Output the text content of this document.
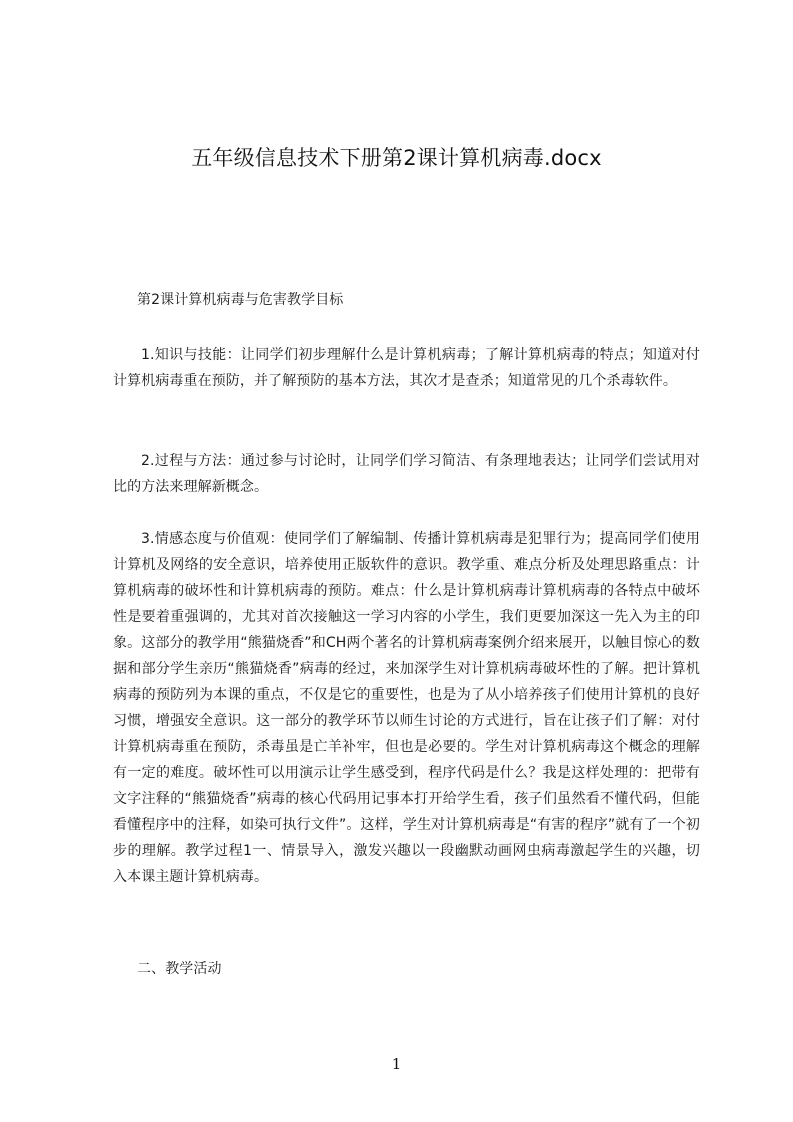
五年级信息技术下册第2课计算机病毒.docx
第2课计算机病毒与危害教学目标
1.知识与技能：让同学们初步理解什么是计算机病毒；了解计算机病毒的特点；知道对付计算机病毒重在预防，并了解预防的基本方法，其次才是查杀；知道常见的几个杀毒软件。
2.过程与方法：通过参与讨论时，让同学们学习简洁、有条理地表达；让同学们尝试用对比的方法来理解新概念。
3.情感态度与价值观：使同学们了解编制、传播计算机病毒是犯罪行为；提高同学们使用计算机及网络的安全意识，培养使用正版软件的意识。教学重、难点分析及处理思路重点：计算机病毒的破坏性和计算机病毒的预防。难点：什么是计算机病毒计算机病毒的各特点中破坏性是要着重强调的，尤其对首次接触这一学习内容的小学生，我们更要加深这一先入为主的印象。这部分的教学用“熊猫烧香”和CH两个著名的计算机病毒案例介绍来展开，以触目惊心的数据和部分学生亲历“熊猫烧香”病毒的经过，来加深学生对计算机病毒破坏性的了解。把计算机病毒的预防列为本课的重点，不仅是它的重要性，也是为了从小培养孩子们使用计算机的良好习惯，增强安全意识。这一部分的教学环节以师生讨论的方式进行，旨在让孩子们了解：对付计算机病毒重在预防，杀毒虽是亡羊补牢，但也是必要的。学生对计算机病毒这个概念的理解有一定的难度。破坏性可以用演示让学生感受到，程序代码是什么？我是这样处理的：把带有文字注释的“熊猫烧香”病毒的核心代码用记事本打开给学生看，孩子们虽然看不懂代码，但能看懂程序中的注释，如染可执行文件”。这样，学生对计算机病毒是“有害的程序”就有了一个初步的理解。教学过程1一、情景导入，激发兴趣以一段幽默动画网虫病毒激起学生的兴趣，切入本课主题计算机病毒。
二、教学活动
1
